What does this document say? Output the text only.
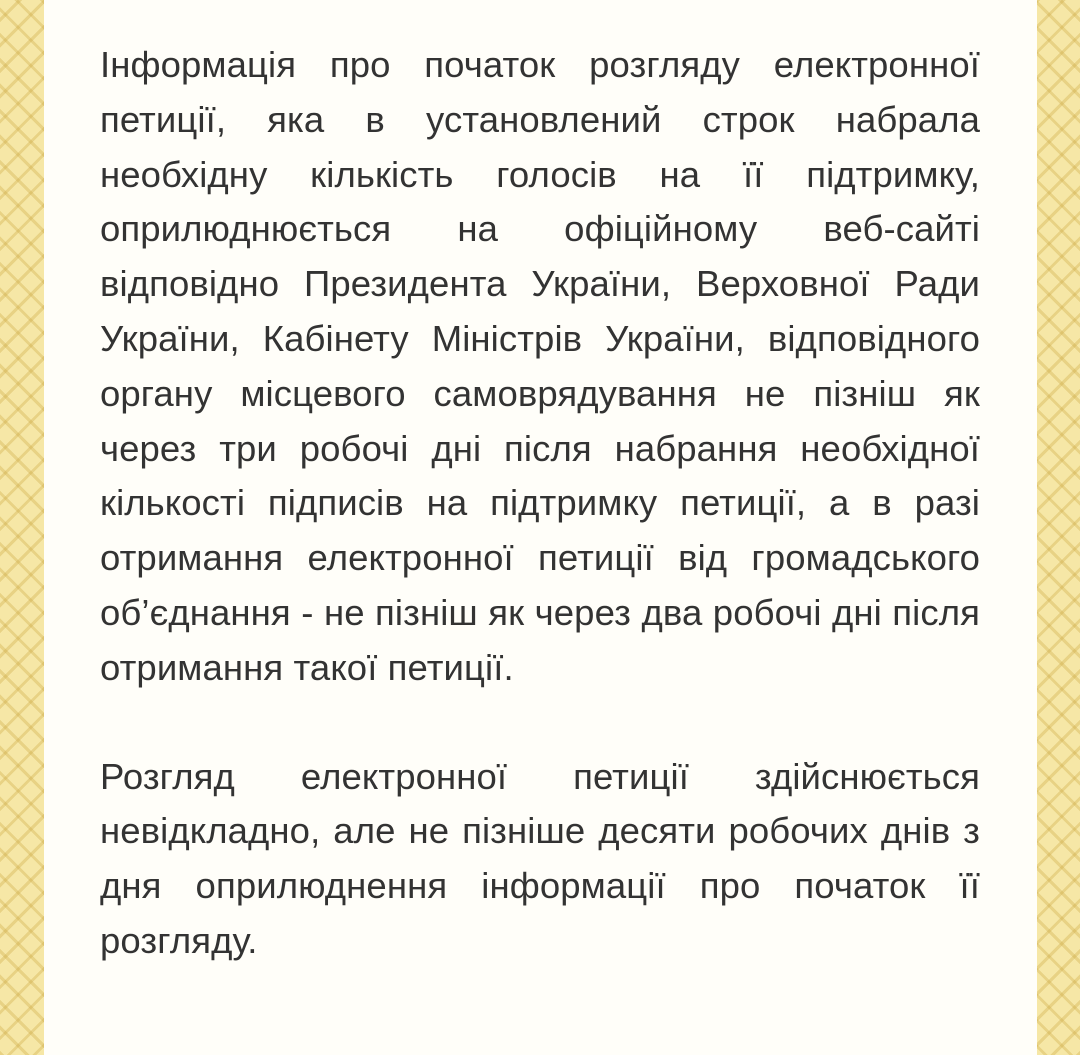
Інформація про початок розгляду електронної петиції, яка в установлений строк набрала необхідну кількість голосів на її підтримку, оприлюднюється на офіційному веб-сайті відповідно Президента України, Верховної Ради України, Кабінету Міністрів України, відповідного органу місцевого самоврядування не пізніш як через три робочі дні після набрання необхідної кількості підписів на підтримку петиції, а в разі отримання електронної петиції від громадського об’єднання - не пізніш як через два робочі дні після отримання такої петиції.

Розгляд електронної петиції здійснюється невідкладно, але не пізніше десяти робочих днів з дня оприлюднення інформації про початок її розгляду.
